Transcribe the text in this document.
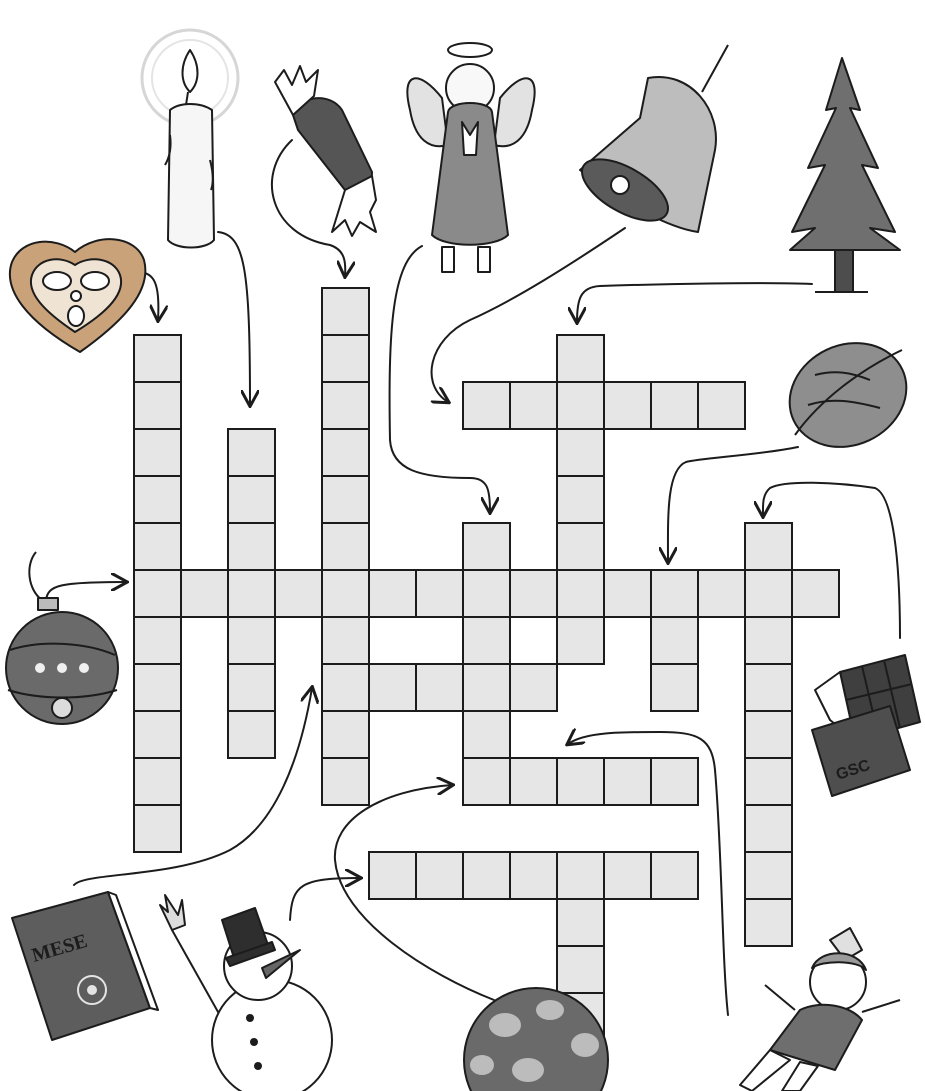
GSC
MESE
